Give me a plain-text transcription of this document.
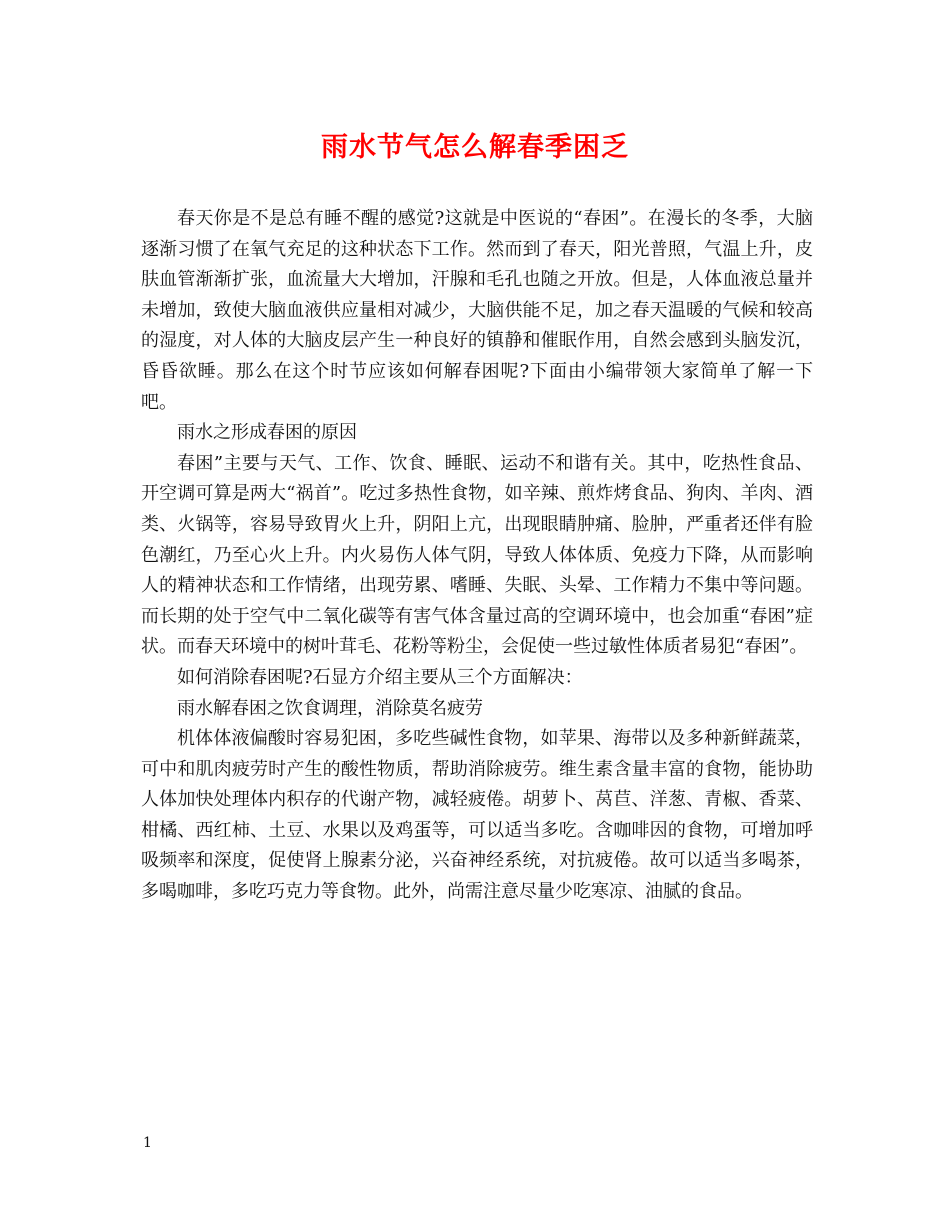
雨水节气怎么解春季困乏

春天你是不是总有睡不醒的感觉?这就是中医说的“春困”。在漫长的冬季，大脑逐渐习惯了在氧气充足的这种状态下工作。然而到了春天，阳光普照，气温上升，皮肤血管渐渐扩张，血流量大大增加，汗腺和毛孔也随之开放。但是，人体血液总量并未增加，致使大脑血液供应量相对减少，大脑供能不足，加之春天温暖的气候和较高的湿度，对人体的大脑皮层产生一种良好的镇静和催眠作用，自然会感到头脑发沉，昏昏欲睡。那么在这个时节应该如何解春困呢?下面由小编带领大家简单了解一下吧。

雨水之形成春困的原因

春困”主要与天气、工作、饮食、睡眠、运动不和谐有关。其中，吃热性食品、开空调可算是两大“祸首”。吃过多热性食物，如辛辣、煎炸烤食品、狗肉、羊肉、酒类、火锅等，容易导致胃火上升，阴阳上亢，出现眼睛肿痛、脸肿，严重者还伴有脸色潮红，乃至心火上升。内火易伤人体气阴，导致人体体质、免疫力下降，从而影响人的精神状态和工作情绪，出现劳累、嗜睡、失眠、头晕、工作精力不集中等问题。而长期的处于空气中二氧化碳等有害气体含量过高的空调环境中，也会加重“春困”症状。而春天环境中的树叶茸毛、花粉等粉尘，会促使一些过敏性体质者易犯“春困”。

如何消除春困呢?石显方介绍主要从三个方面解决：

雨水解春困之饮食调理，消除莫名疲劳

机体体液偏酸时容易犯困，多吃些碱性食物，如苹果、海带以及多种新鲜蔬菜，可中和肌肉疲劳时产生的酸性物质，帮助消除疲劳。维生素含量丰富的食物，能协助人体加快处理体内积存的代谢产物，减轻疲倦。胡萝卜、莴苣、洋葱、青椒、香菜、柑橘、西红柿、土豆、水果以及鸡蛋等，可以适当多吃。含咖啡因的食物，可增加呼吸频率和深度，促使肾上腺素分泌，兴奋神经系统，对抗疲倦。故可以适当多喝茶，多喝咖啡，多吃巧克力等食物。此外，尚需注意尽量少吃寒凉、油腻的食品。

1
